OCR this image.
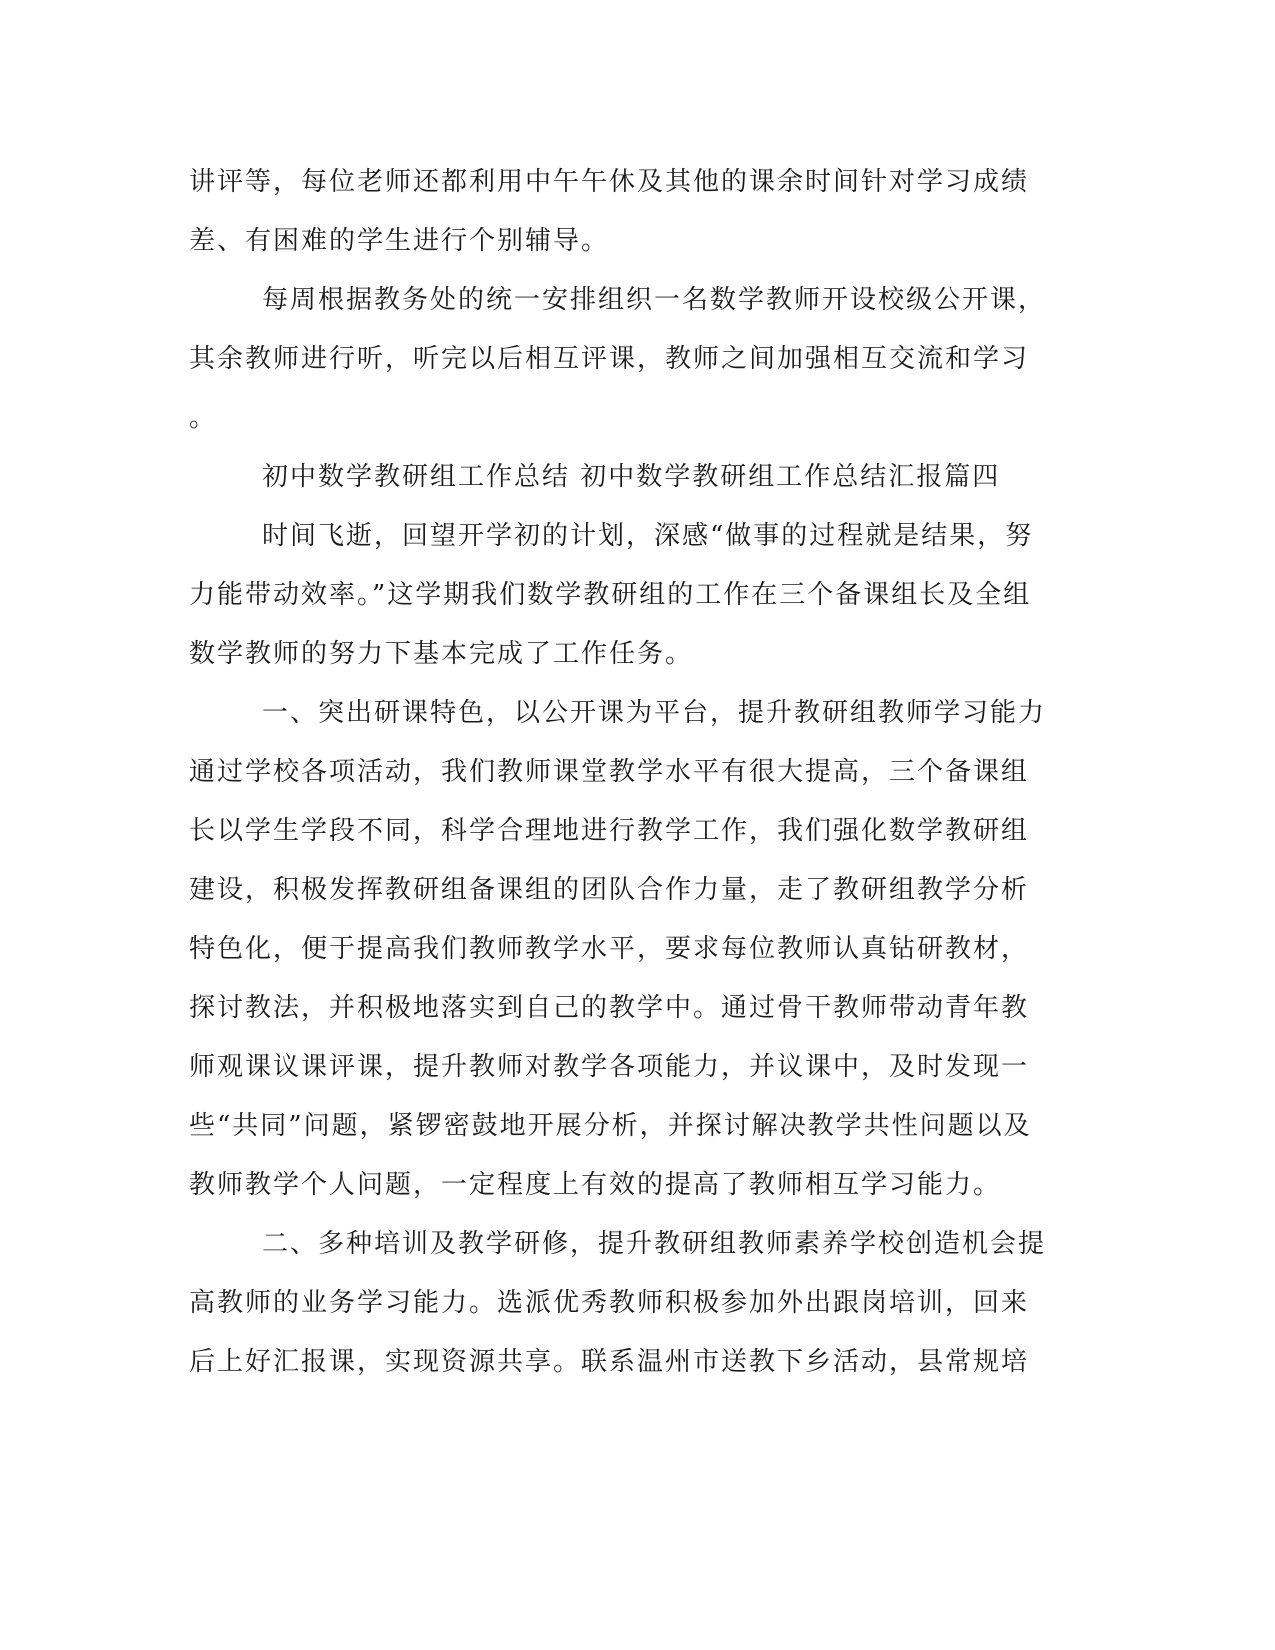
讲评等，每位老师还都利用中午午休及其他的课余时间针对学习成绩
差、有困难的学生进行个别辅导。
每周根据教务处的统一安排组织一名数学教师开设校级公开课，
其余教师进行听，听完以后相互评课，教师之间加强相互交流和学习
。
初中数学教研组工作总结 初中数学教研组工作总结汇报篇四
时间飞逝，回望开学初的计划，深感“做事的过程就是结果，努
力能带动效率。”这学期我们数学教研组的工作在三个备课组长及全组
数学教师的努力下基本完成了工作任务。
一、突出研课特色，以公开课为平台，提升教研组教师学习能力
通过学校各项活动，我们教师课堂教学水平有很大提高，三个备课组
长以学生学段不同，科学合理地进行教学工作，我们强化数学教研组
建设，积极发挥教研组备课组的团队合作力量，走了教研组教学分析
特色化，便于提高我们教师教学水平，要求每位教师认真钻研教材，
探讨教法，并积极地落实到自己的教学中。通过骨干教师带动青年教
师观课议课评课，提升教师对教学各项能力，并议课中，及时发现一
些“共同”问题，紧锣密鼓地开展分析，并探讨解决教学共性问题以及
教师教学个人问题，一定程度上有效的提高了教师相互学习能力。
二、多种培训及教学研修，提升教研组教师素养学校创造机会提
高教师的业务学习能力。选派优秀教师积极参加外出跟岗培训，回来
后上好汇报课，实现资源共享。联系温州市送教下乡活动，县常规培
